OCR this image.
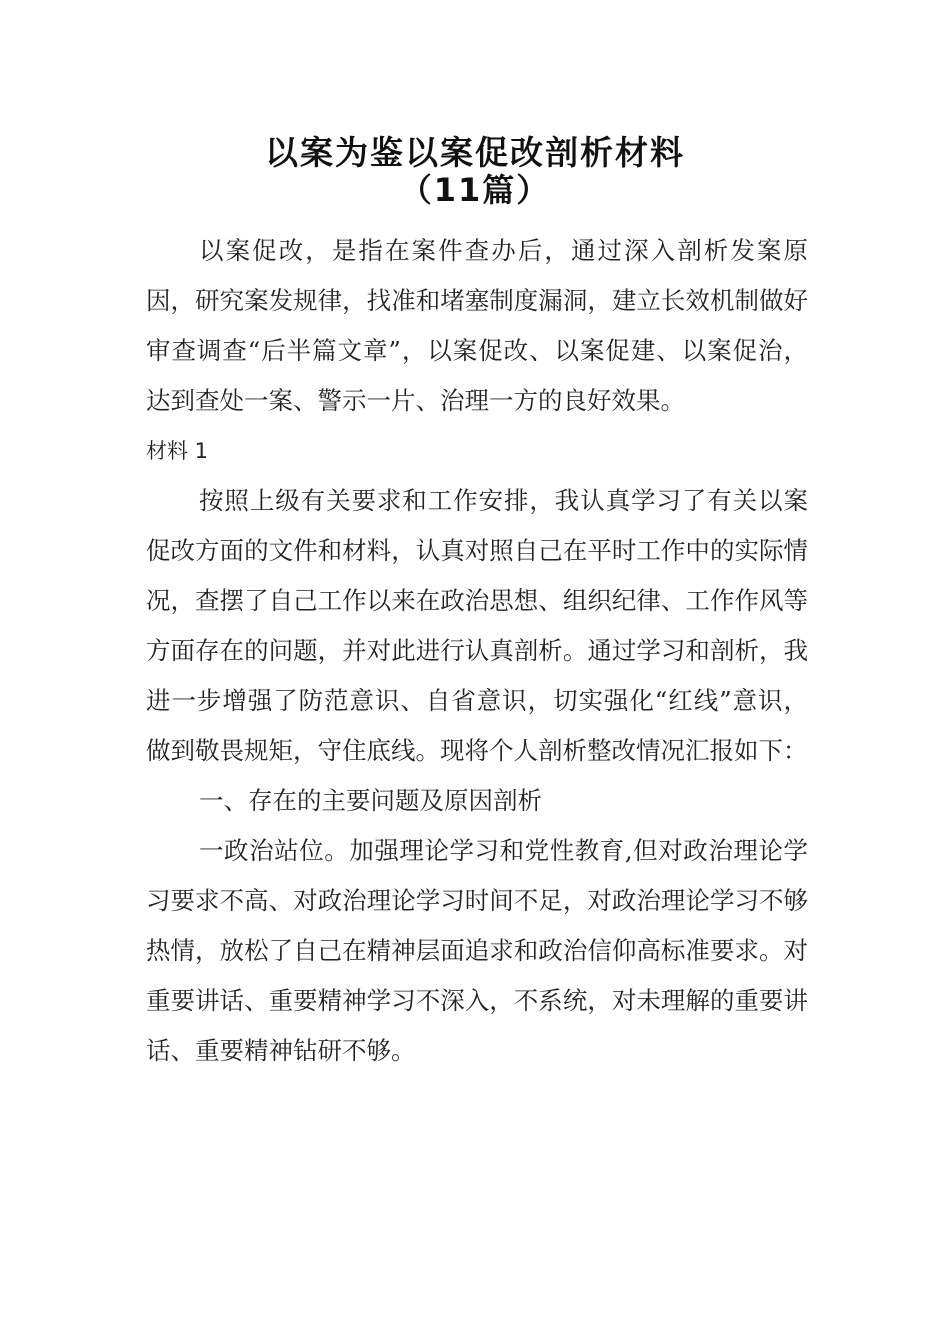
以案为鉴以案促改剖析材料
（11篇）

以案促改，是指在案件查办后，通过深入剖析发案原因，研究案发规律，找准和堵塞制度漏洞，建立长效机制做好审查调查“后半篇文章”，以案促改、以案促建、以案促治，达到查处一案、警示一片、治理一方的良好效果。

材料 1

按照上级有关要求和工作安排，我认真学习了有关以案促改方面的文件和材料，认真对照自己在平时工作中的实际情况，查摆了自己工作以来在政治思想、组织纪律、工作作风等方面存在的问题，并对此进行认真剖析。通过学习和剖析，我进一步增强了防范意识、自省意识，切实强化“红线”意识，做到敬畏规矩，守住底线。现将个人剖析整改情况汇报如下：

一、存在的主要问题及原因剖析

一政治站位。加强理论学习和党性教育,但对政治理论学习要求不高、对政治理论学习时间不足，对政治理论学习不够热情，放松了自己在精神层面追求和政治信仰高标准要求。对重要讲话、重要精神学习不深入，不系统，对未理解的重要讲话、重要精神钻研不够。
